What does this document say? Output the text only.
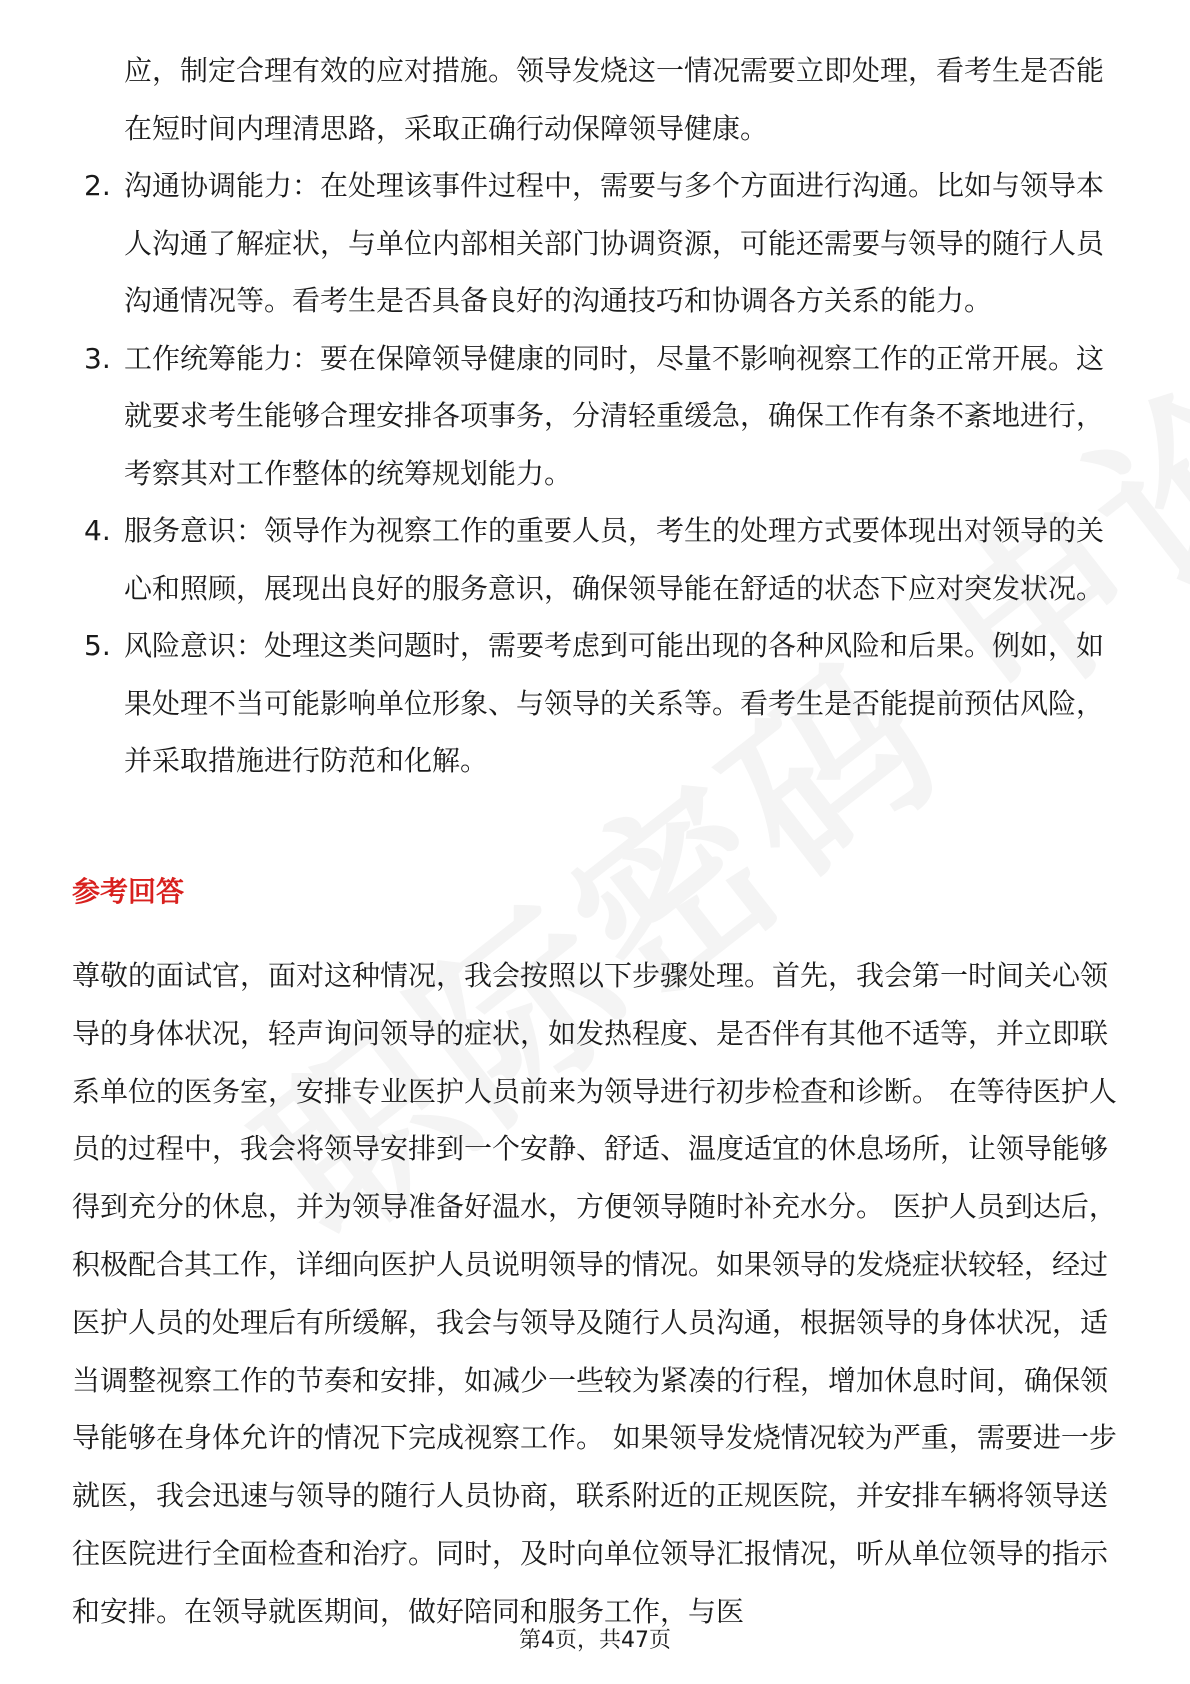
应，制定合理有效的应对措施。领导发烧这一情况需要立即处理，看考生是否能在短时间内理清思路，采取正确行动保障领导健康。

2. 沟通协调能力：在处理该事件过程中，需要与多个方面进行沟通。比如与领导本人沟通了解症状，与单位内部相关部门协调资源，可能还需要与领导的随行人员沟通情况等。看考生是否具备良好的沟通技巧和协调各方关系的能力。
3. 工作统筹能力：要在保障领导健康的同时，尽量不影响视察工作的正常开展。这就要求考生能够合理安排各项事务，分清轻重缓急，确保工作有条不紊地进行，考察其对工作整体的统筹规划能力。
4. 服务意识：领导作为视察工作的重要人员，考生的处理方式要体现出对领导的关心和照顾，展现出良好的服务意识，确保领导能在舒适的状态下应对突发状况。
5. 风险意识：处理这类问题时，需要考虑到可能出现的各种风险和后果。例如，如果处理不当可能影响单位形象、与领导的关系等。看考生是否能提前预估风险，并采取措施进行防范和化解。
参考回答

尊敬的面试官，面对这种情况，我会按照以下步骤处理。首先，我会第一时间关心领导的身体状况，轻声询问领导的症状，如发热程度、是否伴有其他不适等，并立即联系单位的医务室，安排专业医护人员前来为领导进行初步检查和诊断。 在等待医护人员的过程中，我会将领导安排到一个安静、舒适、温度适宜的休息场所，让领导能够得到充分的休息，并为领导准备好温水，方便领导随时补充水分。 医护人员到达后，积极配合其工作，详细向医护人员说明领导的情况。如果领导的发烧症状较轻，经过医护人员的处理后有所缓解，我会与领导及随行人员沟通，根据领导的身体状况，适当调整视察工作的节奏和安排，如减少一些较为紧凑的行程，增加休息时间，确保领导能够在身体允许的情况下完成视察工作。 如果领导发烧情况较为严重，需要进一步就医，我会迅速与领导的随行人员协商，联系附近的正规医院，并安排车辆将领导送往医院进行全面检查和治疗。同时，及时向单位领导汇报情况，听从单位领导的指示和安排。在领导就医期间，做好陪同和服务工作，与医

第4页，共47页
